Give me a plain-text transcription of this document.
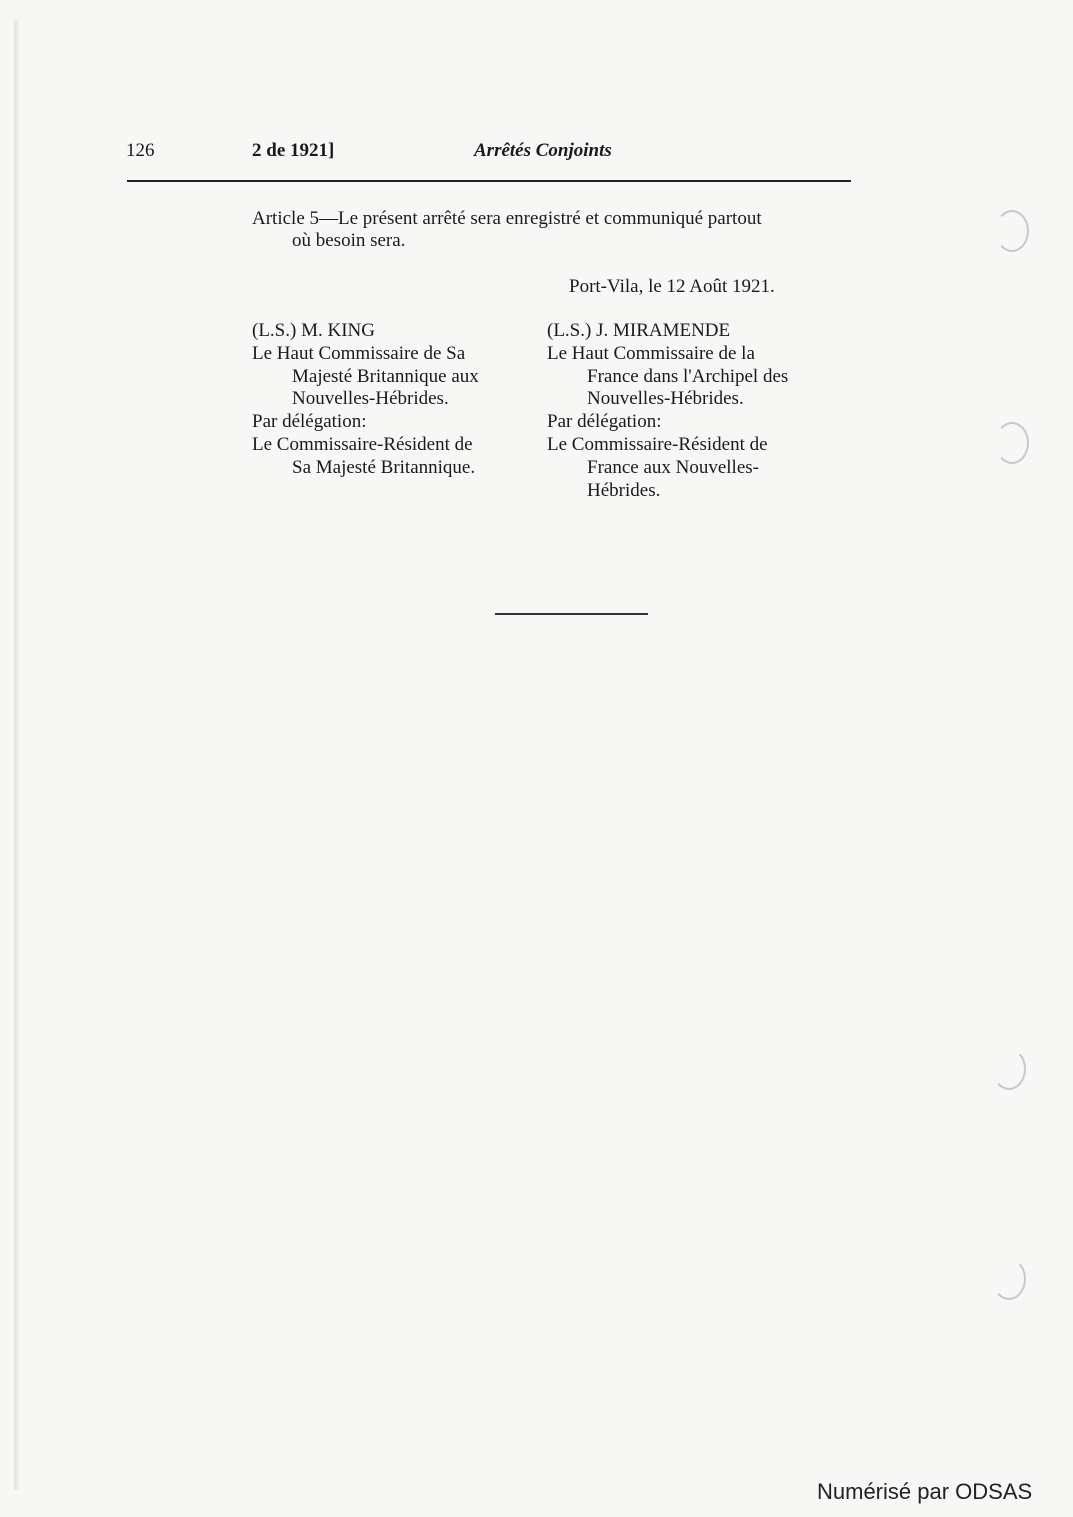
126	2 de 1921]	Arrêtés Conjoints
Article 5—Le présent arrêté sera enregistré et communiqué partout
où besoin sera.
Port-Vila, le 12 Août 1921.
(L.S.) M. KING
Le Haut Commissaire de Sa
Majesté Britannique aux
Nouvelles-Hébrides.
Par délégation:
Le Commissaire-Résident de
Sa Majesté Britannique.
(L.S.) J. MIRAMENDE
Le Haut Commissaire de la
France dans l'Archipel des
Nouvelles-Hébrides.
Par délégation:
Le Commissaire-Résident de
France aux Nouvelles-
Hébrides.
Numérisé par ODSAS
